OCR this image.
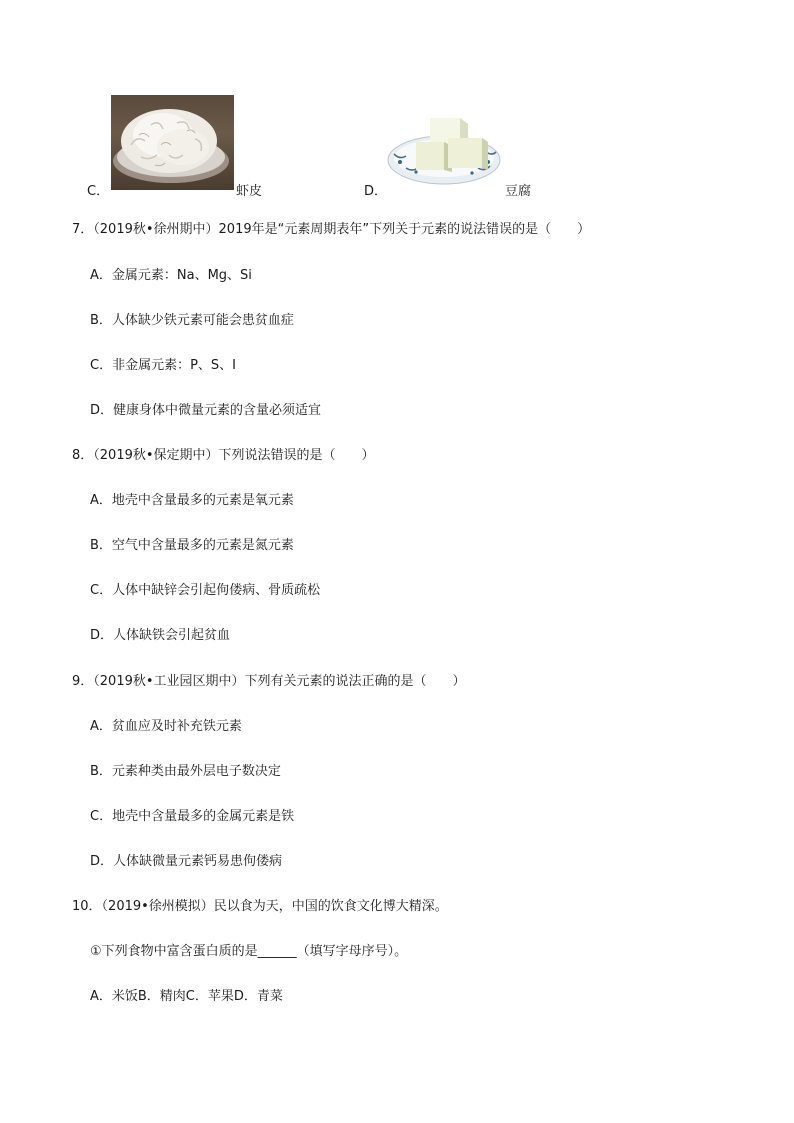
C．	虾皮	D．	豆腐
7．（2019秋•徐州期中）2019年是“元素周期表年”下列关于元素的说法错误的是（　　）
A．金属元素：Na、Mg、Si
B．人体缺少铁元素可能会患贫血症
C．非金属元素：P、S、I
D．健康身体中微量元素的含量必须适宜
8．（2019秋•保定期中）下列说法错误的是（　　）
A．地壳中含量最多的元素是氧元素
B．空气中含量最多的元素是氮元素
C．人体中缺锌会引起佝偻病、骨质疏松
D．人体缺铁会引起贫血
9．（2019秋•工业园区期中）下列有关元素的说法正确的是（　　）
A．贫血应及时补充铁元素
B．元素种类由最外层电子数决定
C．地壳中含量最多的金属元素是铁
D．人体缺微量元素钙易患佝偻病
10．（2019•徐州模拟）民以食为天，中国的饮食文化博大精深。
①下列食物中富含蛋白质的是______（填写字母序号）。
A．米饭B．精肉C．苹果D．青菜
